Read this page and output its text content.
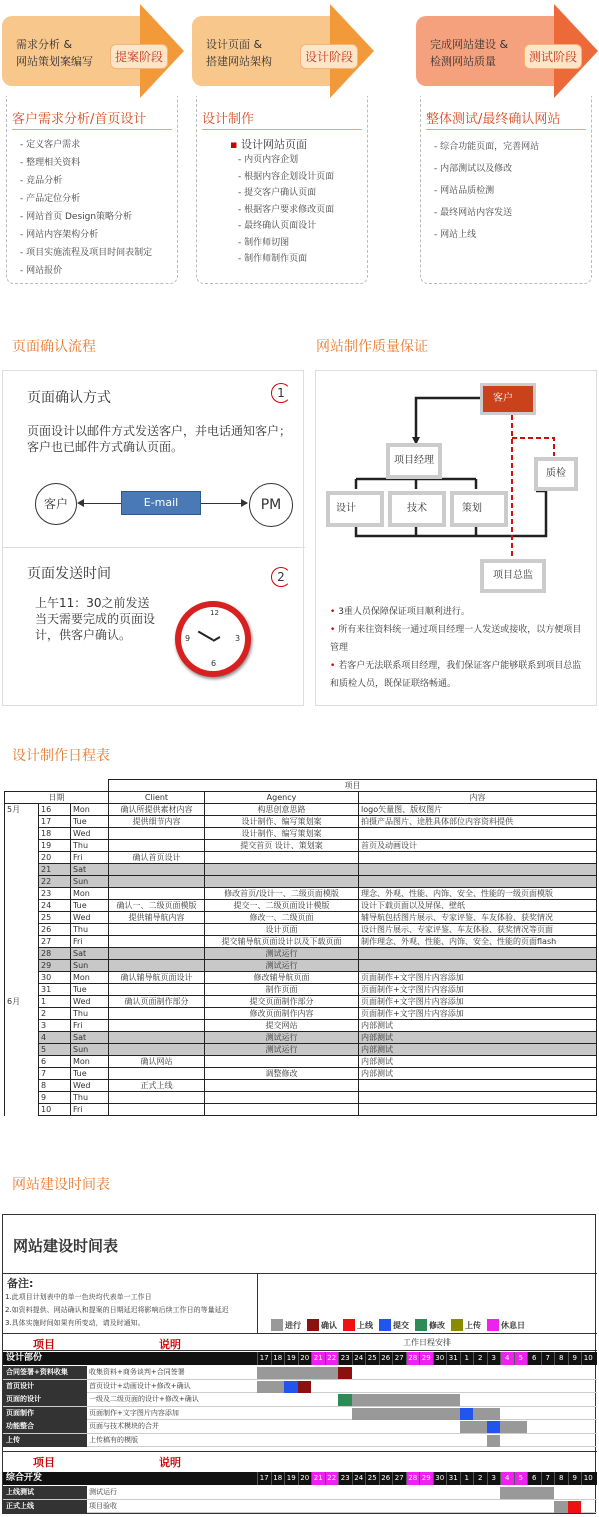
需求分析 &
网站策划案编写	提案阶段
客户需求分析/首页设计
- 定义客户需求
- 整理相关资料
- 竞品分析
- 产品定位分析
- 网站首页 Design策略分析
- 网站内容架构分析
- 项目实施流程及项目时间表制定
- 网站报价
设计页面 &
搭建网站架构	设计阶段
设计制作
▪ 设计网站页面
- 内页内容企划
- 根据内容企划设计页面
- 提交客户确认页面
- 根据客户要求修改页面
- 最终确认页面设计
- 制作师切图
- 制作师制作页面
完成网站建设 &
检测网站质量	测试阶段
整体测试/最终确认网站
- 综合功能页面，完善网站
- 内部测试以及修改
- 网站品质检测
- 最终网站内容发送
- 网站上线
页面确认流程
页面确认方式	1
页面设计以邮件方式发送客户，并电话通知客户；客户也已邮件方式确认页面。
客户	E-mail	PM
页面发送时间	2
上午11：30之前发送当天需要完成的页面设计，供客户确认。
12
3
6
9
网站制作质量保证
客户
项目经理
质检
设计	技术	策划
项目总监
• 3重人员保障保证项目顺利进行。
• 所有来往资料统一通过项目经理一人发送或接收，以方便项目管理
• 若客户无法联系项目经理，我们保证客户能够联系到项目总监和质检人员，既保证联络畅通。
设计制作日程表
			项目		
日期			Client	Agency	内容
5月	16	Mon	确认所提供素材内容	构思创意思路	logo矢量图、版权图片
	17	Tue	提供细节内容	设计制作、编写策划案	拍摄产品图片、途胜具体部位内容资料提供
	18	Wed		设计制作、编写策划案	
	19	Thu		提交首页 设计、策划案	首页及动画设计
	20	Fri	确认首页设计		
	21	Sat			
	22	Sun			
	23	Mon		修改首页/设计一、二级页面模版	理念、外观、性能、内饰、安全、性能的一级页面模版
	24	Tue	确认一、二级页面模版	提交一、二级页面设计模版	设计下载页面以及屏保、壁纸
	25	Wed	提供辅导航内容	修改一、二级页面	辅导航包括图片展示、专家评鉴、车友体验、获奖情况
	26	Thu		设计页面	设计图片展示、专家评鉴、车友体验、获奖情况等页面
	27	Fri		提交辅导航页面设计以及下载页面	制作理念、外观、性能、内饰、安全、性能的页面flash
	28	Sat		测试运行	
	29	Sun		测试运行	
	30	Mon	确认辅导航页面设计	修改辅导航页面	页面制作+文字图片内容添加
	31	Tue		制作页面	页面制作+文字图片内容添加
6月	1	Wed	确认页面制作部分	提交页面制作部分	页面制作+文字图片内容添加
	2	Thu		修改页面制作内容	页面制作+文字图片内容添加
	3	Fri		提交网站	内部测试
	4	Sat		测试运行	内部测试
	5	Sun		测试运行	内部测试
	6	Mon	确认网站		内部测试
	7	Tue		调整修改	内部测试
	8	Wed	正式上线		
	9	Thu			
	10	Fri			
网站建设时间表
网站建设时间表
备注:
1.此项目计划表中的单一色块均代表单一工作日
2.如资料提供、网站确认和提案的日期延迟将影响后续工作日的等量延迟
3.具体实施时间如果有所变动，请及时通知。	进行	确认	上线	提交	修改	上传	休息日
项目	说明	工作日程安排
17 18 19 20 21 22 23 24 25 26 27 28 29 30 31 1	2	3	4	5	6	7	8	9 10
设计部份
合同签署+资料收集	收集资料+商务谈判+合同签署
首页设计	首页设计+动画设计+修改+确认
页面的设计	一级及二级页面的设计+修改+确认
页面制作	页面制作+文字图片内容添加
功能整合	页面与技术模块的合并
上传	上传稿有的模版
项目	说明
17 18 19 20 21 22 23 24 25 26 27 28 29 30 31 1	2	3	4	5	6	7	8	9 10
综合开发
上线测试	测试运行
正式上线	项目验收
